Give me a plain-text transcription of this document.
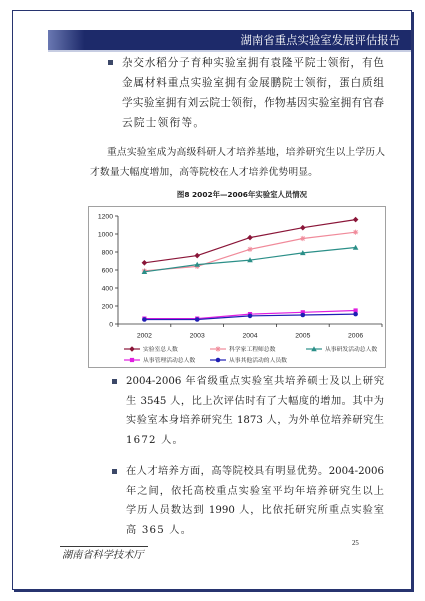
湖南省重点实验室发展评估报告
杂交水稻分子育种实验室拥有袁隆平院士领衔，有色
金属材料重点实验室拥有金展鹏院士领衔，蛋白质组
学实验室拥有刘云院士领衔，作物基因实验室拥有官春
云院士领衔等。
重点实验室成为高级科研人才培养基地，培养研究生以上学历人
才数量大幅度增加，高等院校在人才培养优势明显。
图8 2002年—2006年实验室人员情况
0
200
400
600
800
1000
1200
2002	2003	2004	2005	2006
实验室总人数	科学家工程师总数	从事研发活动总人数
从事管理活动总人数	从事其他活动的人员数
2004-2006 年省级重点实验室共培养硕士及以上研究
生 3545 人，比上次评估时有了大幅度的增加。其中为
实验室本身培养研究生 1873 人，为外单位培养研究生
1672 人。
在人才培养方面，高等院校具有明显优势。2004-2006
年之间，依托高校重点实验室平均年培养研究生以上
学历人员数达到 1990 人，比依托研究所重点实验室
高 365 人。
25
湖南省科学技术厅
